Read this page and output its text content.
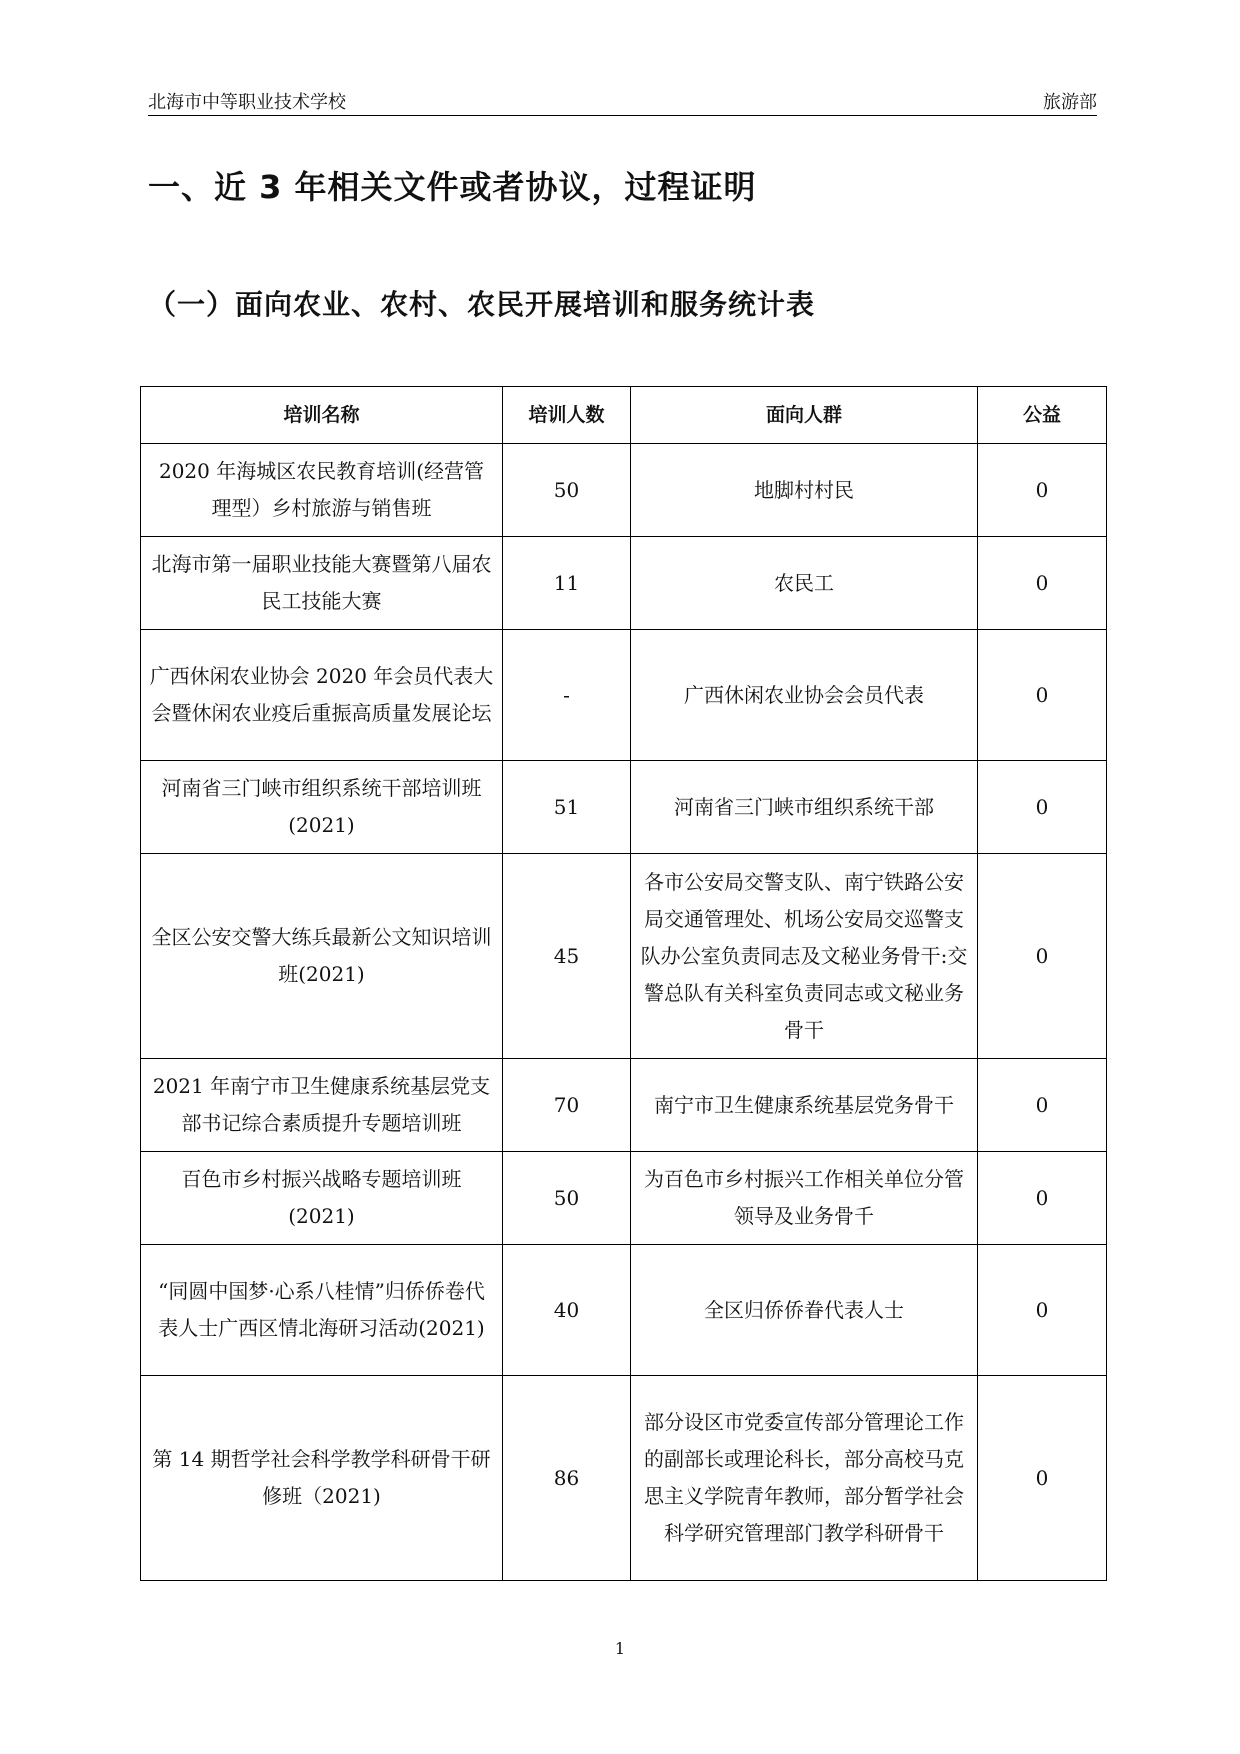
北海市中等职业技术学校	旅游部
一、近 3 年相关文件或者协议，过程证明
（一）面向农业、农村、农民开展培训和服务统计表
培训名称	培训人数	面向人群	公益
2020 年海城区农民教育培训(经营管理型）乡村旅游与销售班	50	地脚村村民	0
北海市第一届职业技能大赛暨第八届农民工技能大赛	11	农民工	0
广西休闲农业协会 2020 年会员代表大会暨休闲农业疫后重振高质量发展论坛	-	广西休闲农业协会会员代表	0
河南省三门峡市组织系统干部培训班(2021)	51	河南省三门峡市组织系统干部	0
全区公安交警大练兵最新公文知识培训班(2021)	45	各市公安局交警支队、南宁铁路公安局交通管理处、机场公安局交巡警支队办公室负责同志及文秘业务骨干:交警总队有关科室负责同志或文秘业务骨干	0
2021 年南宁市卫生健康系统基层党支部书记综合素质提升专题培训班	70	南宁市卫生健康系统基层党务骨干	0
百色市乡村振兴战略专题培训班(2021)	50	为百色市乡村振兴工作相关单位分管领导及业务骨千	0
“同圆中国梦·心系八桂情”归侨侨卷代表人士广西区情北海研习活动(2021)	40	全区归侨侨眷代表人士	0
第 14 期哲学社会科学教学科研骨干研修班（2021)	86	部分设区市党委宣传部分管理论工作的副部长或理论科长，部分高校马克思主义学院青年教师，部分暂学社会科学研究管理部门教学科研骨干	0
1
